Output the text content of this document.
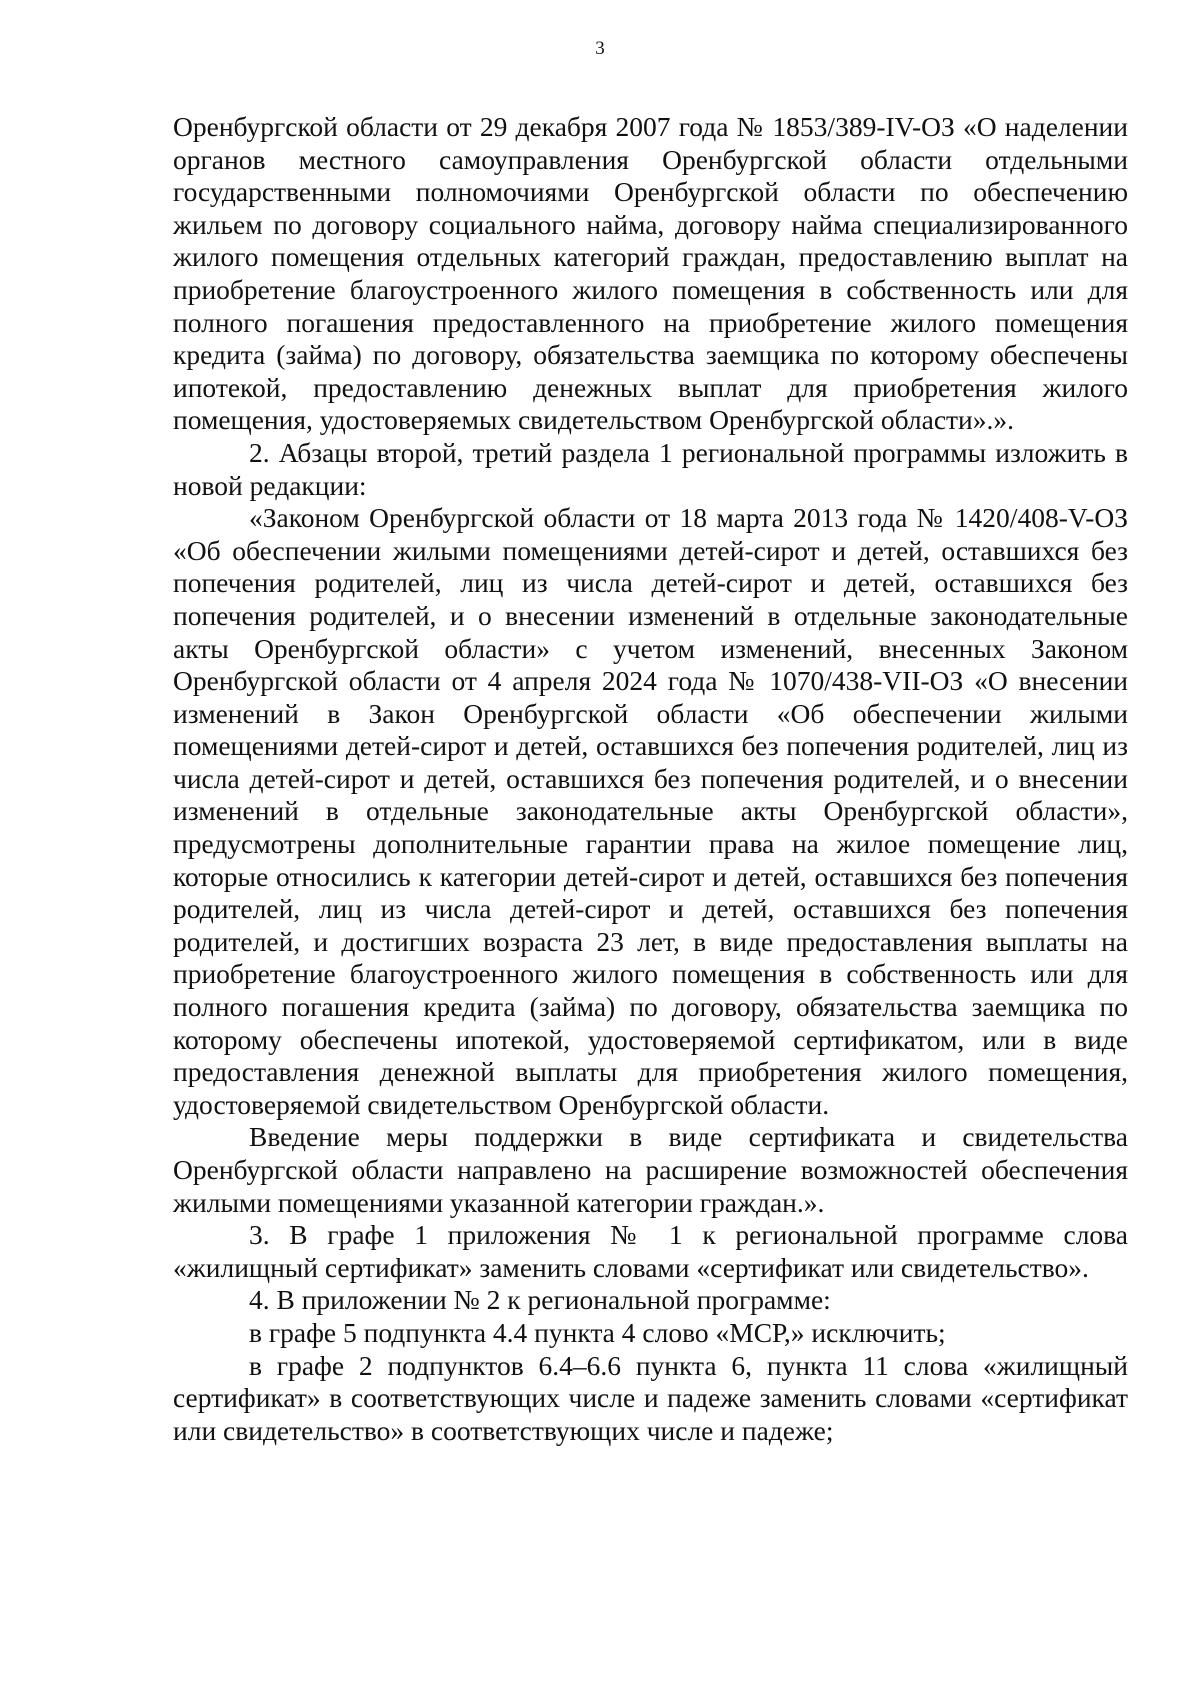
3

Оренбургской области от 29 декабря 2007 года № 1853/389-IV-ОЗ «О наделении органов местного самоуправления Оренбургской области отдельными государственными полномочиями Оренбургской области по обеспечению жильем по договору социального найма, договору найма специализированного жилого помещения отдельных категорий граждан, предоставлению выплат на приобретение благоустроенного жилого помещения в собственность или для полного погашения предоставленного на приобретение жилого помещения кредита (займа) по договору, обязательства заемщика по которому обеспечены ипотекой, предоставлению денежных выплат для приобретения жилого помещения, удостоверяемых свидетельством Оренбургской области».».

2. Абзацы второй, третий раздела 1 региональной программы изложить в новой редакции:

«Законом Оренбургской области от 18 марта 2013 года № 1420/408-V-ОЗ «Об обеспечении жилыми помещениями детей-сирот и детей, оставшихся без попечения родителей, лиц из числа детей-сирот и детей, оставшихся без попечения родителей, и о внесении изменений в отдельные законодательные акты Оренбургской области» с учетом изменений, внесенных Законом Оренбургской области от 4 апреля 2024 года № 1070/438-VII-ОЗ «О внесении изменений в Закон Оренбургской области «Об обеспечении жилыми помещениями детей-сирот и детей, оставшихся без попечения родителей, лиц из числа детей-сирот и детей, оставшихся без попечения родителей, и о внесении изменений в отдельные законодательные акты Оренбургской области», предусмотрены дополнительные гарантии права на жилое помещение лиц, которые относились к категории детей-сирот и детей, оставшихся без попечения родителей, лиц из числа детей-сирот и детей, оставшихся без попечения родителей, и достигших возраста 23 лет, в виде предоставления выплаты на приобретение благоустроенного жилого помещения в собственность или для полного погашения кредита (займа) по договору, обязательства заемщика по которому обеспечены ипотекой, удостоверяемой сертификатом, или в виде предоставления денежной выплаты для приобретения жилого помещения, удостоверяемой свидетельством Оренбургской области.

Введение меры поддержки в виде сертификата и свидетельства Оренбургской области направлено на расширение возможностей обеспечения жилыми помещениями указанной категории граждан.».

3. В графе 1 приложения № 1 к региональной программе слова «жилищный сертификат» заменить словами «сертификат или свидетельство».

4. В приложении № 2 к региональной программе:

в графе 5 подпункта 4.4 пункта 4 слово «МСР,» исключить;

в графе 2 подпунктов 6.4–6.6 пункта 6, пункта 11 слова «жилищный сертификат» в соответствующих числе и падеже заменить словами «сертификат или свидетельство» в соответствующих числе и падеже;
